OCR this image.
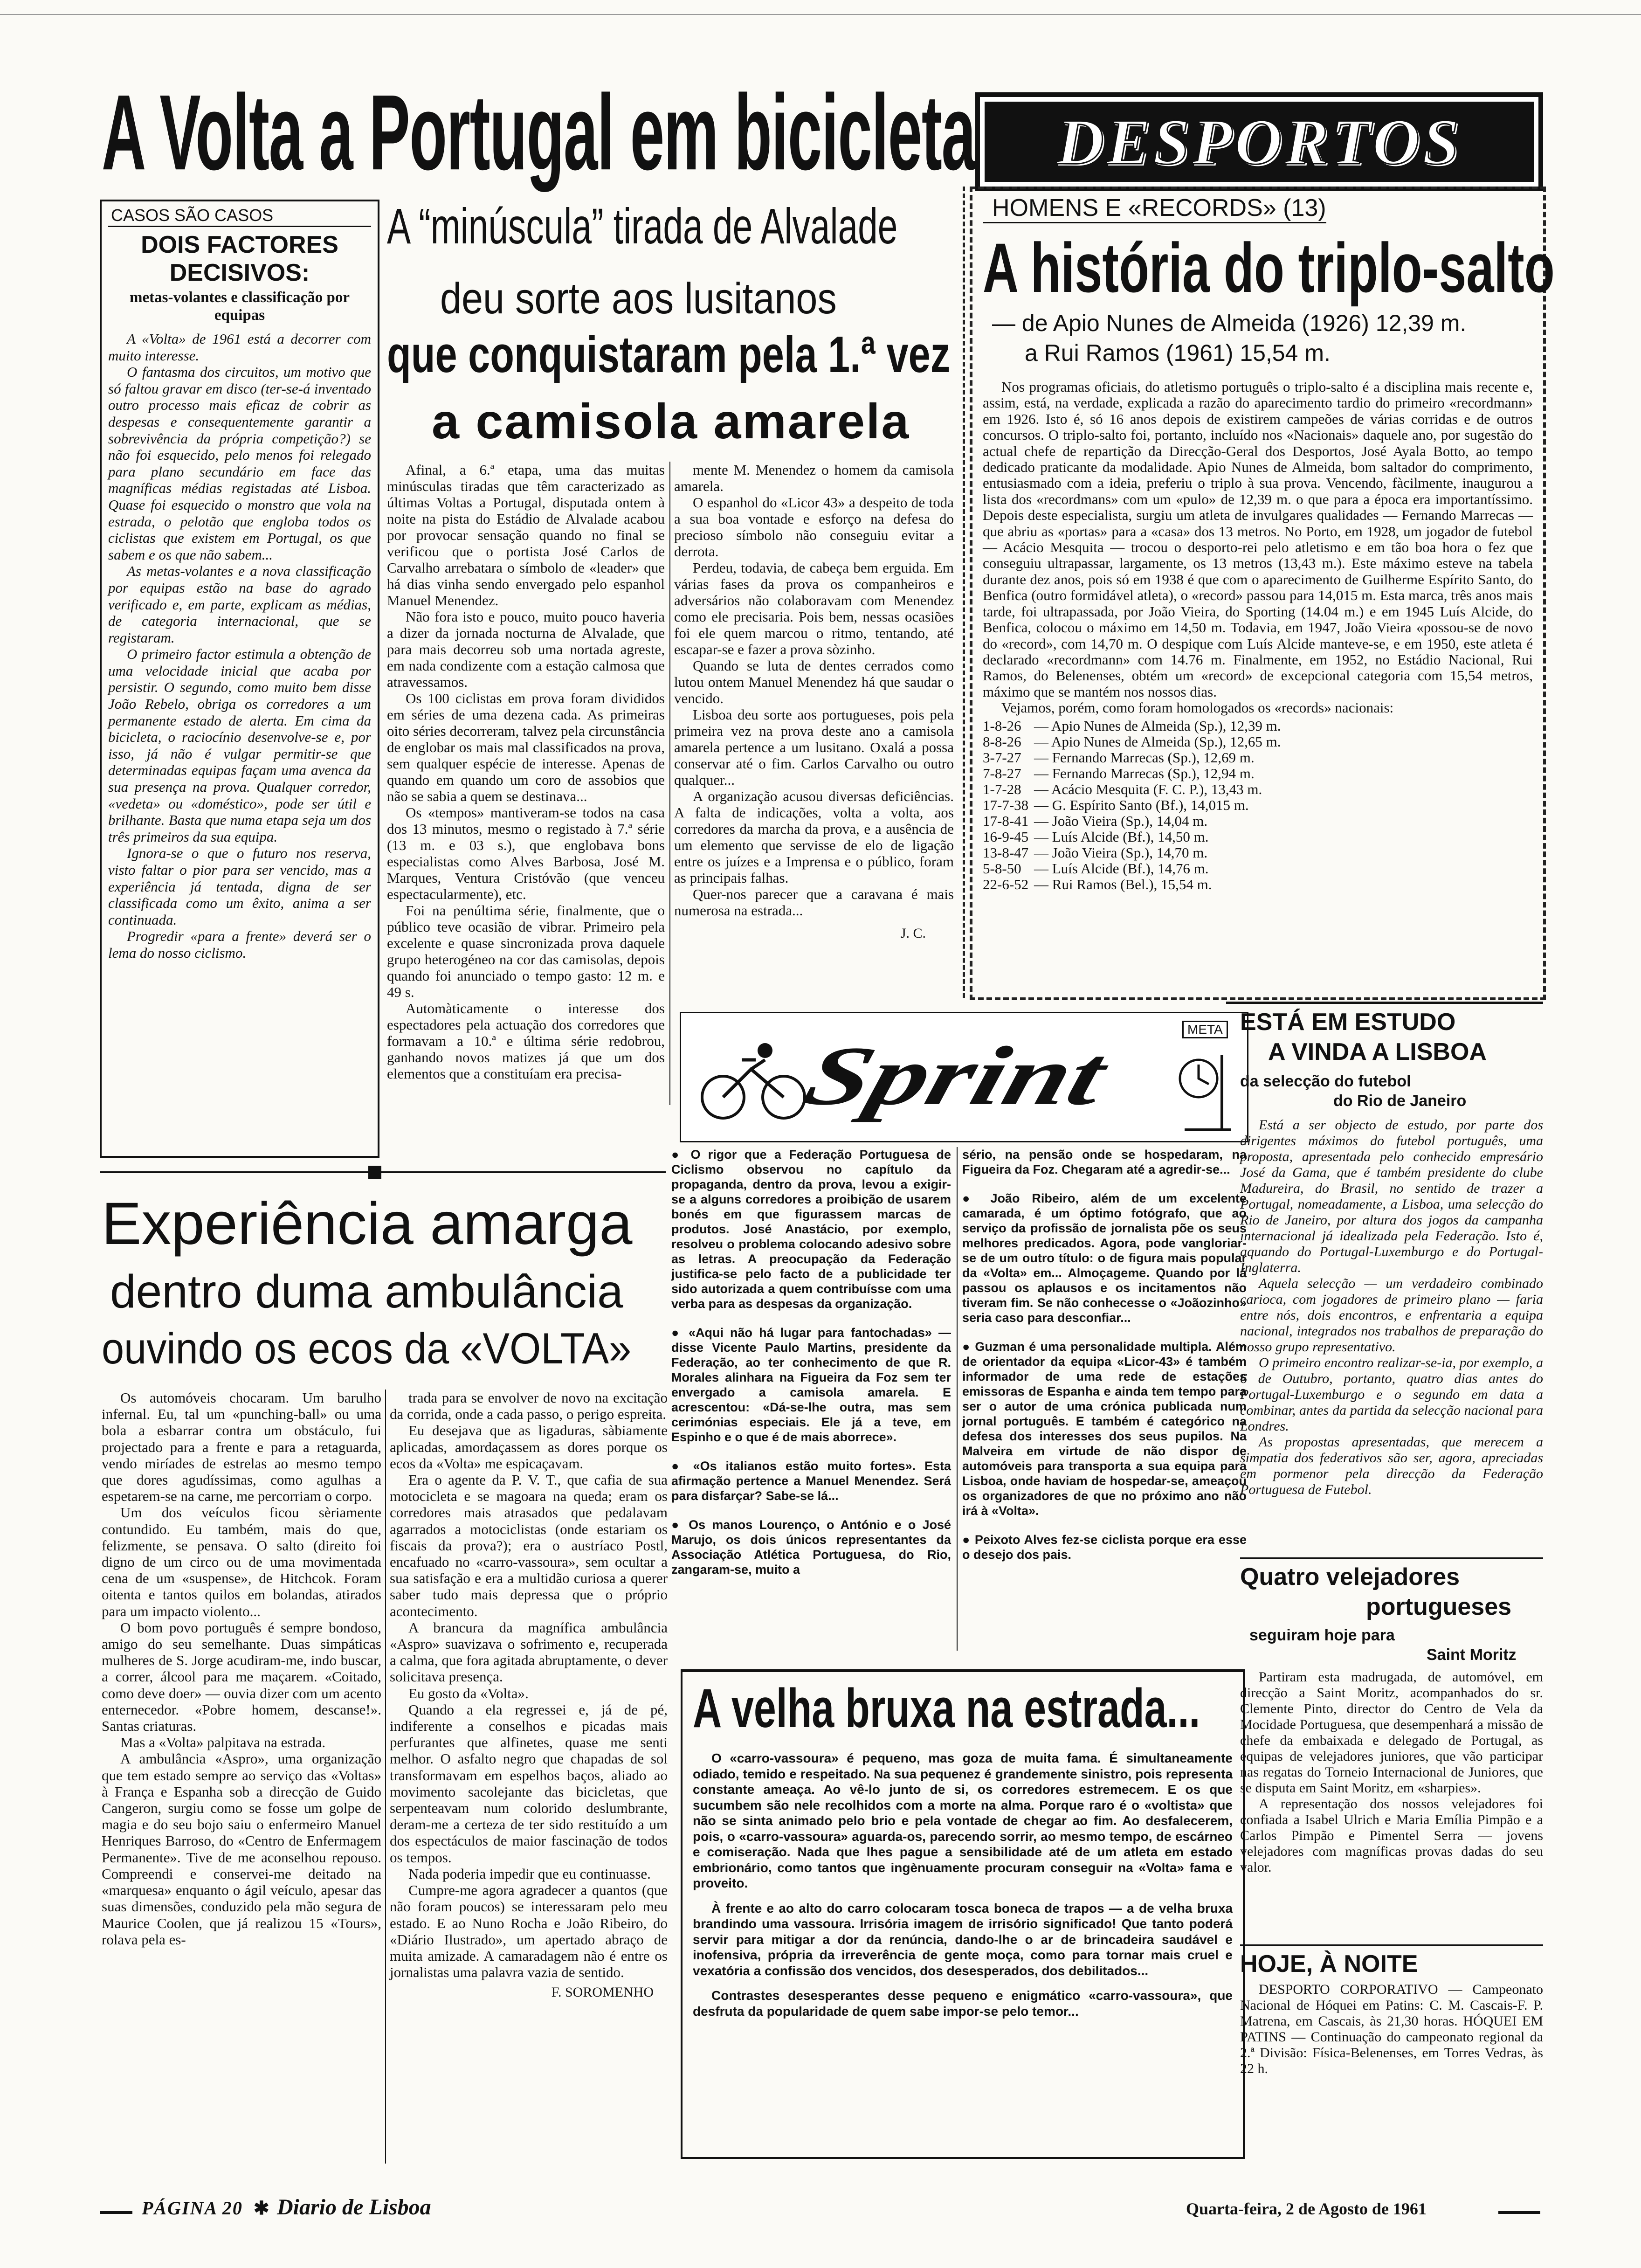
A Volta a Portugal em bicicleta DESPORTOS
CASOS SÃO CASOS
DOIS FACTORES DECISIVOS:
metas-volantes e classificação por equipas

A «Volta» de 1961 está a decorrer com muito interesse.

O fantasma dos circuitos, um motivo que só faltou gravar em disco (ter-se-á inventado outro processo mais eficaz de cobrir as despesas e consequentemente garantir a sobrevivência da própria competição?) se não foi esquecido, pelo menos foi relegado para plano secundário em face das magníficas médias registadas até Lisboa. Quase foi esquecido o monstro que vola na estrada, o pelotão que engloba todos os ciclistas que existem em Portugal, os que sabem e os que não sabem...

As metas-volantes e a nova classificação por equipas estão na base do agrado verificado e, em parte, explicam as médias, de categoria internacional, que se registaram.

O primeiro factor estimula a obtenção de uma velocidade inicial que acaba por persistir. O segundo, como muito bem disse João Rebelo, obriga os corredores a um permanente estado de alerta. Em cima da bicicleta, o raciocínio desenvolve-se e, por isso, já não é vulgar permitir-se que determinadas equipas façam uma avenca da sua presença na prova. Qualquer corredor, «vedeta» ou «doméstico», pode ser útil e brilhante. Basta que numa etapa seja um dos três primeiros da sua equipa.

Ignora-se o que o futuro nos reserva, visto faltar o pior para ser vencido, mas a experiência já tentada, digna de ser classificada como um êxito, anima a ser continuada.

Progredir «para a frente» deverá ser o lema do nosso ciclismo.

A “minúscula” tirada de Alvalade
deu sorte aos lusitanos
que conquistaram pela 1.ª vez
a camisola amarela

Afinal, a 6.ª etapa, uma das muitas minúsculas tiradas que têm caracterizado as últimas Voltas a Portugal, disputada ontem à noite na pista do Estádio de Alvalade acabou por provocar sensação quando no final se verificou que o portista José Carlos de Carvalho arrebatara o símbolo de «leader» que há dias vinha sendo envergado pelo espanhol Manuel Menendez.

Não fora isto e pouco, muito pouco haveria a dizer da jornada nocturna de Alvalade, que para mais decorreu sob uma nortada agreste, em nada condizente com a estação calmosa que atravessamos.

Os 100 ciclistas em prova foram divididos em séries de uma dezena cada. As primeiras oito séries decorreram, talvez pela circunstância de englobar os mais mal classificados na prova, sem qualquer espécie de interesse. Apenas de quando em quando um coro de assobios que não se sabia a quem se destinava...

Os «tempos» mantiveram-se todos na casa dos 13 minutos, mesmo o registado à 7.ª série (13 m. e 03 s.), que englobava bons especialistas como Alves Barbosa, José M. Marques, Ventura Cristóvão (que venceu espectacularmente), etc.

Foi na penúltima série, finalmente, que o público teve ocasião de vibrar. Primeiro pela excelente e quase sincronizada prova daquele grupo heterogéneo na cor das camisolas, depois quando foi anunciado o tempo gasto: 12 m. e 49 s.

Automàticamente o interesse dos espectadores pela actuação dos corredores que formavam a 10.ª e última série redobrou, ganhando novos matizes já que um dos elementos que a constituíam era precisa-

mente M. Menendez o homem da camisola amarela.

O espanhol do «Licor 43» a despeito de toda a sua boa vontade e esforço na defesa do precioso símbolo não conseguiu evitar a derrota.

Perdeu, todavia, de cabeça bem erguida. Em várias fases da prova os companheiros e adversários não colaboravam com Menendez como ele precisaria. Pois bem, nessas ocasiões foi ele quem marcou o ritmo, tentando, até escapar-se e fazer a prova sòzinho.

Quando se luta de dentes cerrados como lutou ontem Manuel Menendez há que saudar o vencido.

Lisboa deu sorte aos portugueses, pois pela primeira vez na prova deste ano a camisola amarela pertence a um lusitano. Oxalá a possa conservar até o fim. Carlos Carvalho ou outro qualquer...

A organização acusou diversas deficiências. A falta de indicações, volta a volta, aos corredores da marcha da prova, e a ausência de um elemento que servisse de elo de ligação entre os juízes e a Imprensa e o público, foram as principais falhas.

Quer-nos parecer que a caravana é mais numerosa na estrada...

J. C.
HOMENS E «RECORDS» (13)
A história do triplo-salto
— de Apio Nunes de Almeida (1926) 12,39 m.
a Rui Ramos (1961) 15,54 m.

Nos programas oficiais, do atletismo português o triplo-salto é a disciplina mais recente e, assim, está, na verdade, explicada a razão do aparecimento tardio do primeiro «recordmann» em 1926. Isto é, só 16 anos depois de existirem campeões de várias corridas e de outros concursos. O triplo-salto foi, portanto, incluído nos «Nacionais» daquele ano, por sugestão do actual chefe de repartição da Direcção-Geral dos Desportos, José Ayala Botto, ao tempo dedicado praticante da modalidade. Apio Nunes de Almeida, bom saltador do comprimento, entusiasmado com a ideia, preferiu o triplo à sua prova. Vencendo, fàcilmente, inaugurou a lista dos «recordmans» com um «pulo» de 12,39 m. o que para a época era importantíssimo. Depois deste especialista, surgiu um atleta de invulgares qualidades — Fernando Marrecas — que abriu as «portas» para a «casa» dos 13 metros. No Porto, em 1928, um jogador de futebol — Acácio Mesquita — trocou o desporto-rei pelo atletismo e em tão boa hora o fez que conseguiu ultrapassar, largamente, os 13 metros (13,43 m.). Este máximo esteve na tabela durante dez anos, pois só em 1938 é que com o aparecimento de Guilherme Espírito Santo, do Benfica (outro formidável atleta), o «record» passou para 14,015 m. Esta marca, três anos mais tarde, foi ultrapassada, por João Vieira, do Sporting (14.04 m.) e em 1945 Luís Alcide, do Benfica, colocou o máximo em 14,50 m. Todavia, em 1947, João Vieira «possou-se de novo do «record», com 14,70 m. O despique com Luís Alcide manteve-se, e em 1950, este atleta é declarado «recordmann» com 14.76 m. Finalmente, em 1952, no Estádio Nacional, Rui Ramos, do Belenenses, obtém um «record» de excepcional categoria com 15,54 metros, máximo que se mantém nos nossos dias.

Vejamos, porém, como foram homologados os «records» nacionais:

1-8-26 — Apio Nunes de Almeida (Sp.), 12,39 m.
8-8-26 — Apio Nunes de Almeida (Sp.), 12,65 m.
3-7-27 — Fernando Marrecas (Sp.), 12,69 m.
7-8-27 — Fernando Marrecas (Sp.), 12,94 m.
1-7-28 — Acácio Mesquita (F. C. P.), 13,43 m.
17-7-38 — G. Espírito Santo (Bf.), 14,015 m.
17-8-41 — João Vieira (Sp.), 14,04 m.
16-9-45 — Luís Alcide (Bf.), 14,50 m.
13-8-47 — João Vieira (Sp.), 14,70 m.
5-8-50 — Luís Alcide (Bf.), 14,76 m.
22-6-52 — Rui Ramos (Bel.), 15,54 m.
Sprint
META

● O rigor que a Federação Portuguesa de Ciclismo observou no capítulo da propaganda, dentro da prova, levou a exigir-se a alguns corredores a proibição de usarem bonés em que figurassem marcas de produtos. José Anastácio, por exemplo, resolveu o problema colocando adesivo sobre as letras. A preocupação da Federação justifica-se pelo facto de a publicidade ter sido autorizada a quem contribuísse com uma verba para as despesas da organização.

● «Aqui não há lugar para fantochadas» — disse Vicente Paulo Martins, presidente da Federação, ao ter conhecimento de que R. Morales alinhara na Figueira da Foz sem ter envergado a camisola amarela. E acrescentou: «Dá-se-lhe outra, mas sem cerimónias especiais. Ele já a teve, em Espinho e o que é de mais aborrece».

● «Os italianos estão muito fortes». Esta afirmação pertence a Manuel Menendez. Será para disfarçar? Sabe-se lá...

● Os manos Lourenço, o António e o José Marujo, os dois únicos representantes da Associação Atlética Portuguesa, do Rio, zangaram-se, muito a

sério, na pensão onde se hospedaram, na Figueira da Foz. Chegaram até a agredir-se...

● João Ribeiro, além de um excelente camarada, é um óptimo fotógrafo, que ao serviço da profissão de jornalista põe os seus melhores predicados. Agora, pode vangloriar-se de um outro título: o de figura mais popular da «Volta» em... Almoçageme. Quando por lá passou os aplausos e os incitamentos não tiveram fim. Se não conhecesse o «Joãozinho» seria caso para desconfiar...

● Guzman é uma personalidade multipla. Além de orientador da equipa «Licor-43» é também informador de uma rede de estações emissoras de Espanha e ainda tem tempo para ser o autor de uma crónica publicada num jornal português. E também é categórico na defesa dos interesses dos seus pupilos. Na Malveira em virtude de não dispor de automóveis para transporta a sua equipa para Lisboa, onde haviam de hospedar-se, ameaçou os organizadores de que no próximo ano não irá à «Volta».

● Peixoto Alves fez-se ciclista porque era esse o desejo dos pais.

A velha bruxa na estrada...

O «carro-vassoura» é pequeno, mas goza de muita fama. É simultaneamente odiado, temido e respeitado. Na sua pequenez é grandemente sinistro, pois representa constante ameaça. Ao vê-lo junto de si, os corredores estremecem. E os que sucumbem são nele recolhidos com a morte na alma. Porque raro é o «voltista» que não se sinta animado pelo brio e pela vontade de chegar ao fim. Ao desfalecerem, pois, o «carro-vassoura» aguarda-os, parecendo sorrir, ao mesmo tempo, de escárneo e comiseração. Nada que lhes pague a sensibilidade até de um atleta em estado embrionário, como tantos que ingènuamente procuram conseguir na «Volta» fama e proveito.

À frente e ao alto do carro colocaram tosca boneca de trapos — a de velha bruxa brandindo uma vassoura. Irrisória imagem de irrisório significado! Que tanto poderá servir para mitigar a dor da renúncia, dando-lhe o ar de brincadeira saudável e inofensiva, própria da irreverência de gente moça, como para tornar mais cruel e vexatória a confissão dos vencidos, dos desesperados, dos debilitados...

Contrastes desesperantes desse pequeno e enigmático «carro-vassoura», que desfruta da popularidade de quem sabe impor-se pelo temor...

Experiência amarga
dentro duma ambulância
ouvindo os ecos da «VOLTA»

Os automóveis chocaram. Um barulho infernal. Eu, tal um «punching-ball» ou uma bola a esbarrar contra um obstáculo, fui projectado para a frente e para a retaguarda, vendo miríades de estrelas ao mesmo tempo que dores agudíssimas, como agulhas a espetarem-se na carne, me percorriam o corpo.

Um dos veículos ficou sèriamente contundido. Eu também, mais do que, felizmente, se pensava. O salto (direito foi digno de um circo ou de uma movimentada cena de um «suspense», de Hitchcok. Foram oitenta e tantos quilos em bolandas, atirados para um impacto violento...

O bom povo português é sempre bondoso, amigo do seu semelhante. Duas simpáticas mulheres de S. Jorge acudiram-me, indo buscar, a correr, álcool para me maçarem. «Coitado, como deve doer» — ouvia dizer com um acento enternecedor. «Pobre homem, descanse!». Santas criaturas.

Mas a «Volta» palpitava na estrada.

A ambulância «Aspro», uma organização que tem estado sempre ao serviço das «Voltas» à França e Espanha sob a direcção de Guido Cangeron, surgiu como se fosse um golpe de magia e do seu bojo saiu o enfermeiro Manuel Henriques Barroso, do «Centro de Enfermagem Permanente». Tive de me aconselhou repouso. Compreendi e conservei-me deitado na «marquesa» enquanto o ágil veículo, apesar das suas dimensões, conduzido pela mão segura de Maurice Coolen, que já realizou 15 «Tours», rolava pela es-

trada para se envolver de novo na excitação da corrida, onde a cada passo, o perigo espreita.

Eu desejava que as ligaduras, sàbiamente aplicadas, amordaçassem as dores porque os ecos da «Volta» me espicaçavam.

Era o agente da P. V. T., que cafia de sua motocicleta e se magoara na queda; eram os corredores mais atrasados que pedalavam agarrados a motociclistas (onde estariam os fiscais da prova?); era o austríaco Postl, encafuado no «carro-vassoura», sem ocultar a sua satisfação e era a multidão curiosa a querer saber tudo mais depressa que o próprio acontecimento.

A brancura da magnífica ambulância «Aspro» suavizava o sofrimento e, recuperada a calma, que fora agitada abruptamente, o dever solicitava presença.

Eu gosto da «Volta».

Quando a ela regressei e, já de pé, indiferente a conselhos e picadas mais perfurantes que alfinetes, quase me senti melhor. O asfalto negro que chapadas de sol transformavam em espelhos baços, aliado ao movimento sacolejante das bicicletas, que serpenteavam num colorido deslumbrante, deram-me a certeza de ter sido restituído a um dos espectáculos de maior fascinação de todos os tempos.

Nada poderia impedir que eu continuasse.

Cumpre-me agora agradecer a quantos (que não foram poucos) se interessaram pelo meu estado. E ao Nuno Rocha e João Ribeiro, do «Diário Ilustrado», um apertado abraço de muita amizade. A camaradagem não é entre os jornalistas uma palavra vazia de sentido.

F. SOROMENHO
ESTÁ EM ESTUDO
A VINDA A LISBOA
da selecção do futebol
do Rio de Janeiro

Está a ser objecto de estudo, por parte dos dirigentes máximos do futebol português, uma proposta, apresentada pelo conhecido empresário José da Gama, que é também presidente do clube Madureira, do Brasil, no sentido de trazer a Portugal, nomeadamente, a Lisboa, uma selecção do Rio de Janeiro, por altura dos jogos da campanha internacional já idealizada pela Federação. Isto é, aquando do Portugal-Luxemburgo e do Portugal-Inglaterra.

Aquela selecção — um verdadeiro combinado carioca, com jogadores de primeiro plano — faria entre nós, dois encontros, e enfrentaria a equipa nacional, integrados nos trabalhos de preparação do nosso grupo representativo.

O primeiro encontro realizar-se-ia, por exemplo, a 6 de Outubro, portanto, quatro dias antes do Portugal-Luxemburgo e o segundo em data a combinar, antes da partida da selecção nacional para Londres.

As propostas apresentadas, que merecem a simpatia dos federativos são ser, agora, apreciadas em pormenor pela direcção da Federação Portuguesa de Futebol.

Quatro velejadores
portugueses
seguiram hoje para
Saint Moritz

Partiram esta madrugada, de automóvel, em direcção a Saint Moritz, acompanhados do sr. Clemente Pinto, director do Centro de Vela da Mocidade Portuguesa, que desempenhará a missão de chefe da embaixada e delegado de Portugal, as equipas de velejadores juniores, que vão participar nas regatas do Torneio Internacional de Juniores, que se disputa em Saint Moritz, em «sharpies».

A representação dos nossos velejadores foi confiada a Isabel Ulrich e Maria Emília Pimpão e a Carlos Pimpão e Pimentel Serra — jovens velejadores com magníficas provas dadas do seu valor.

HOJE, À NOITE
DESPORTO CORPORATIVO — Campeonato Nacional de Hóquei em Patins: C. M. Cascais-F. P. Matrena, em Cascais, às 21,30 horas. HÓQUEI EM PATINS — Continuação do campeonato regional da 2.ª Divisão: Física-Belenenses, em Torres Vedras, às 22 h.
PÁGINA 20 ✱ Diario de Lisboa	Quarta-feira, 2 de Agosto de 1961
